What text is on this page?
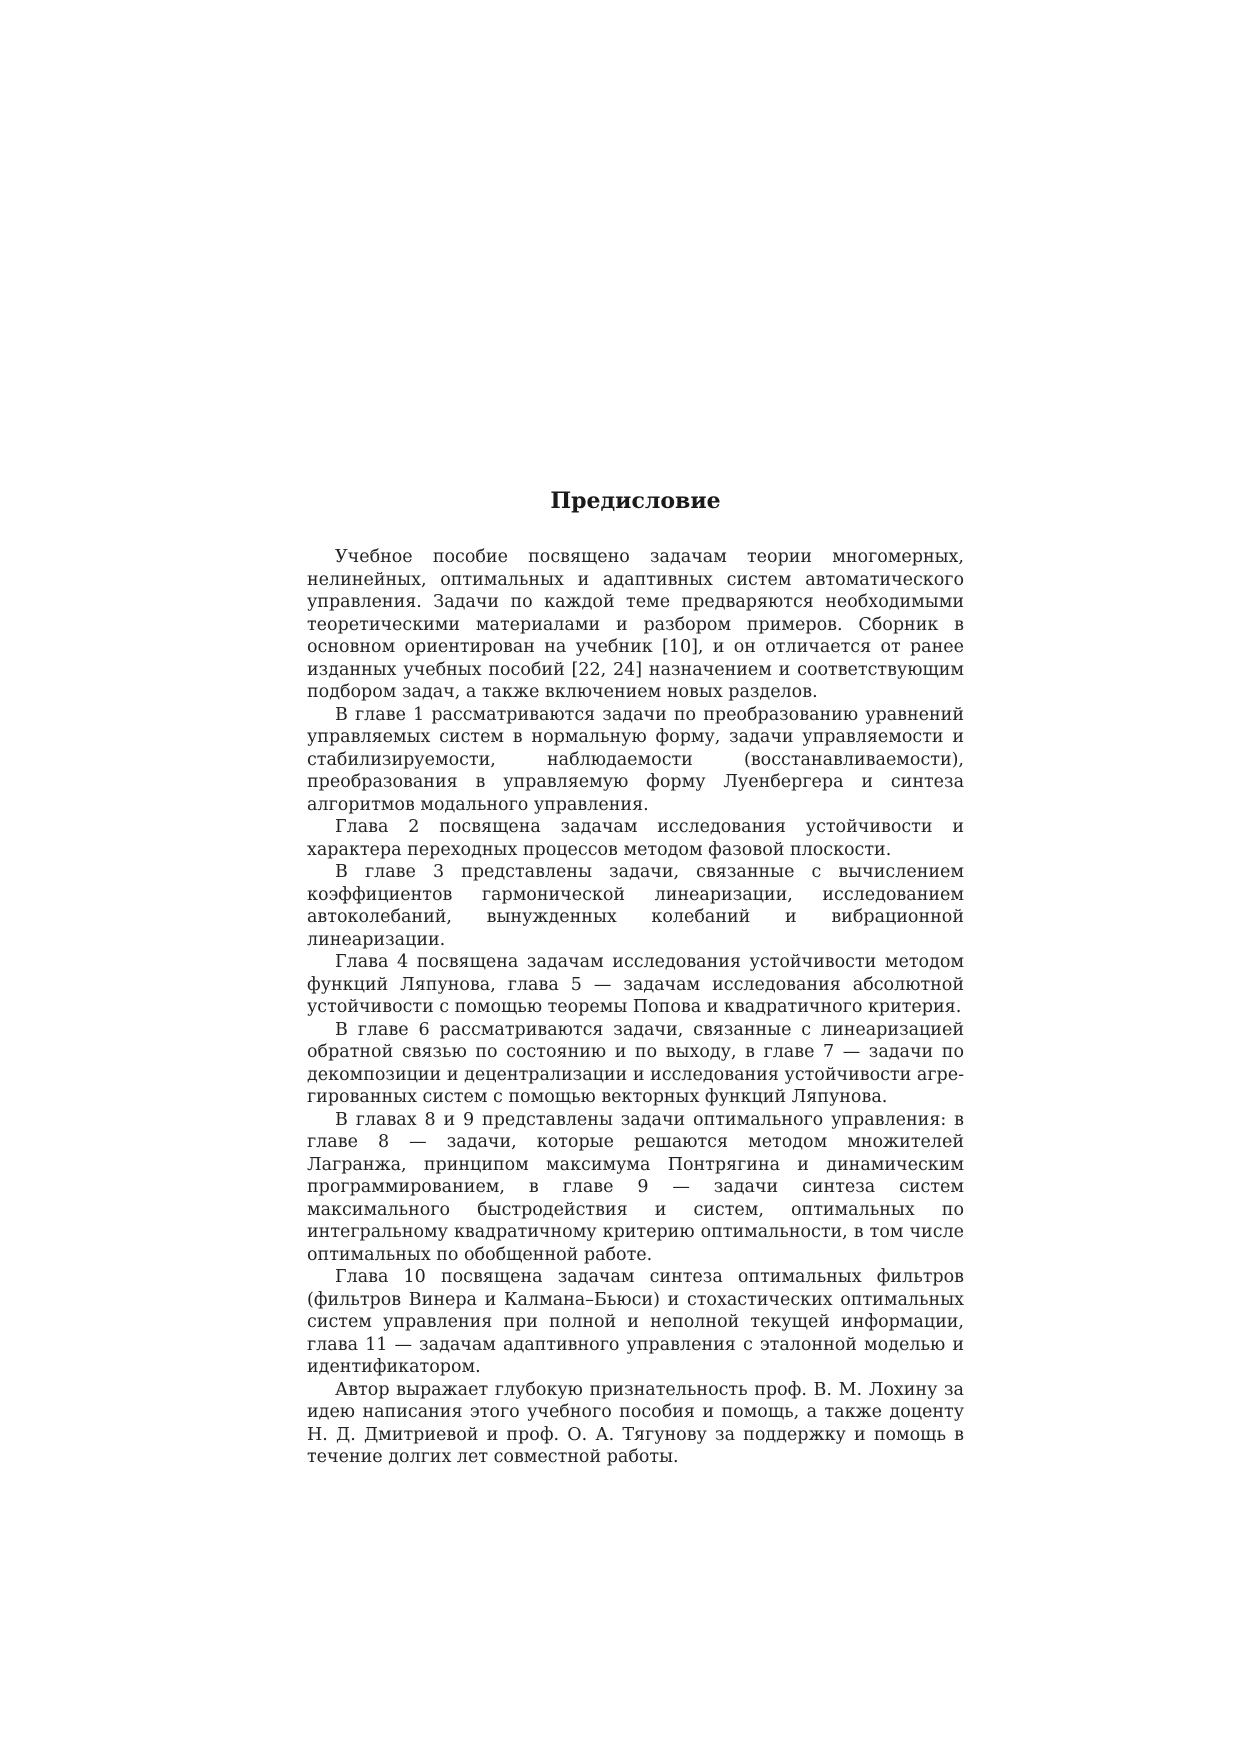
Предисловие

Учебное пособие посвящено задачам теории многомерных, нелинейных, оптимальных и адаптивных систем автоматического управления. Задачи по каждой теме предваряются необходимыми теоретическими материалами и разбором примеров. Сборник в основном ориентирован на учебник [10], и он отличается от ранее изданных учебных пособий [22, 24] назначением и соответствующим подбором задач, а также включением новых разделов.

В главе 1 рассматриваются задачи по преобразованию уравнений управляемых систем в нормальную форму, задачи управляемости и стабилизируемости, наблюдаемости (восстанавливаемости), преобразования в управляемую форму Луенбергера и синтеза алгоритмов модального управления.

Глава 2 посвящена задачам исследования устойчивости и характера переходных процессов методом фазовой плоскости.

В главе 3 представлены задачи, связанные с вычислением коэффициентов гармонической линеаризации, исследованием автоколебаний, вынужденных колебаний и вибрационной линеаризации.

Глава 4 посвящена задачам исследования устойчивости методом функций Ляпунова, глава 5 — задачам исследования абсолютной устойчивости с помощью теоремы Попова и квадратичного критерия.

В главе 6 рассматриваются задачи, связанные с линеаризацией обратной связью по состоянию и по выходу, в главе 7 — задачи по декомпозиции и децентрализации и исследования устойчивости агрегированных систем с помощью векторных функций Ляпунова.

В главах 8 и 9 представлены задачи оптимального управления: в главе 8 — задачи, которые решаются методом множителей Лагранжа, принципом максимума Понтрягина и динамическим программированием, в главе 9 — задачи синтеза систем максимального быстродействия и систем, оптимальных по интегральному квадратичному критерию оптимальности, в том числе оптимальных по обобщенной работе.

Глава 10 посвящена задачам синтеза оптимальных фильтров (фильтров Винера и Калмана–Бьюси) и стохастических оптимальных систем управления при полной и неполной текущей информации, глава 11 — задачам адаптивного управления с эталонной моделью и идентификатором.

Автор выражает глубокую признательность проф. В. М. Лохину за идею написания этого учебного пособия и помощь, а также доценту Н. Д. Дмитриевой и проф. О. А. Тягунову за поддержку и помощь в течение долгих лет совместной работы.
